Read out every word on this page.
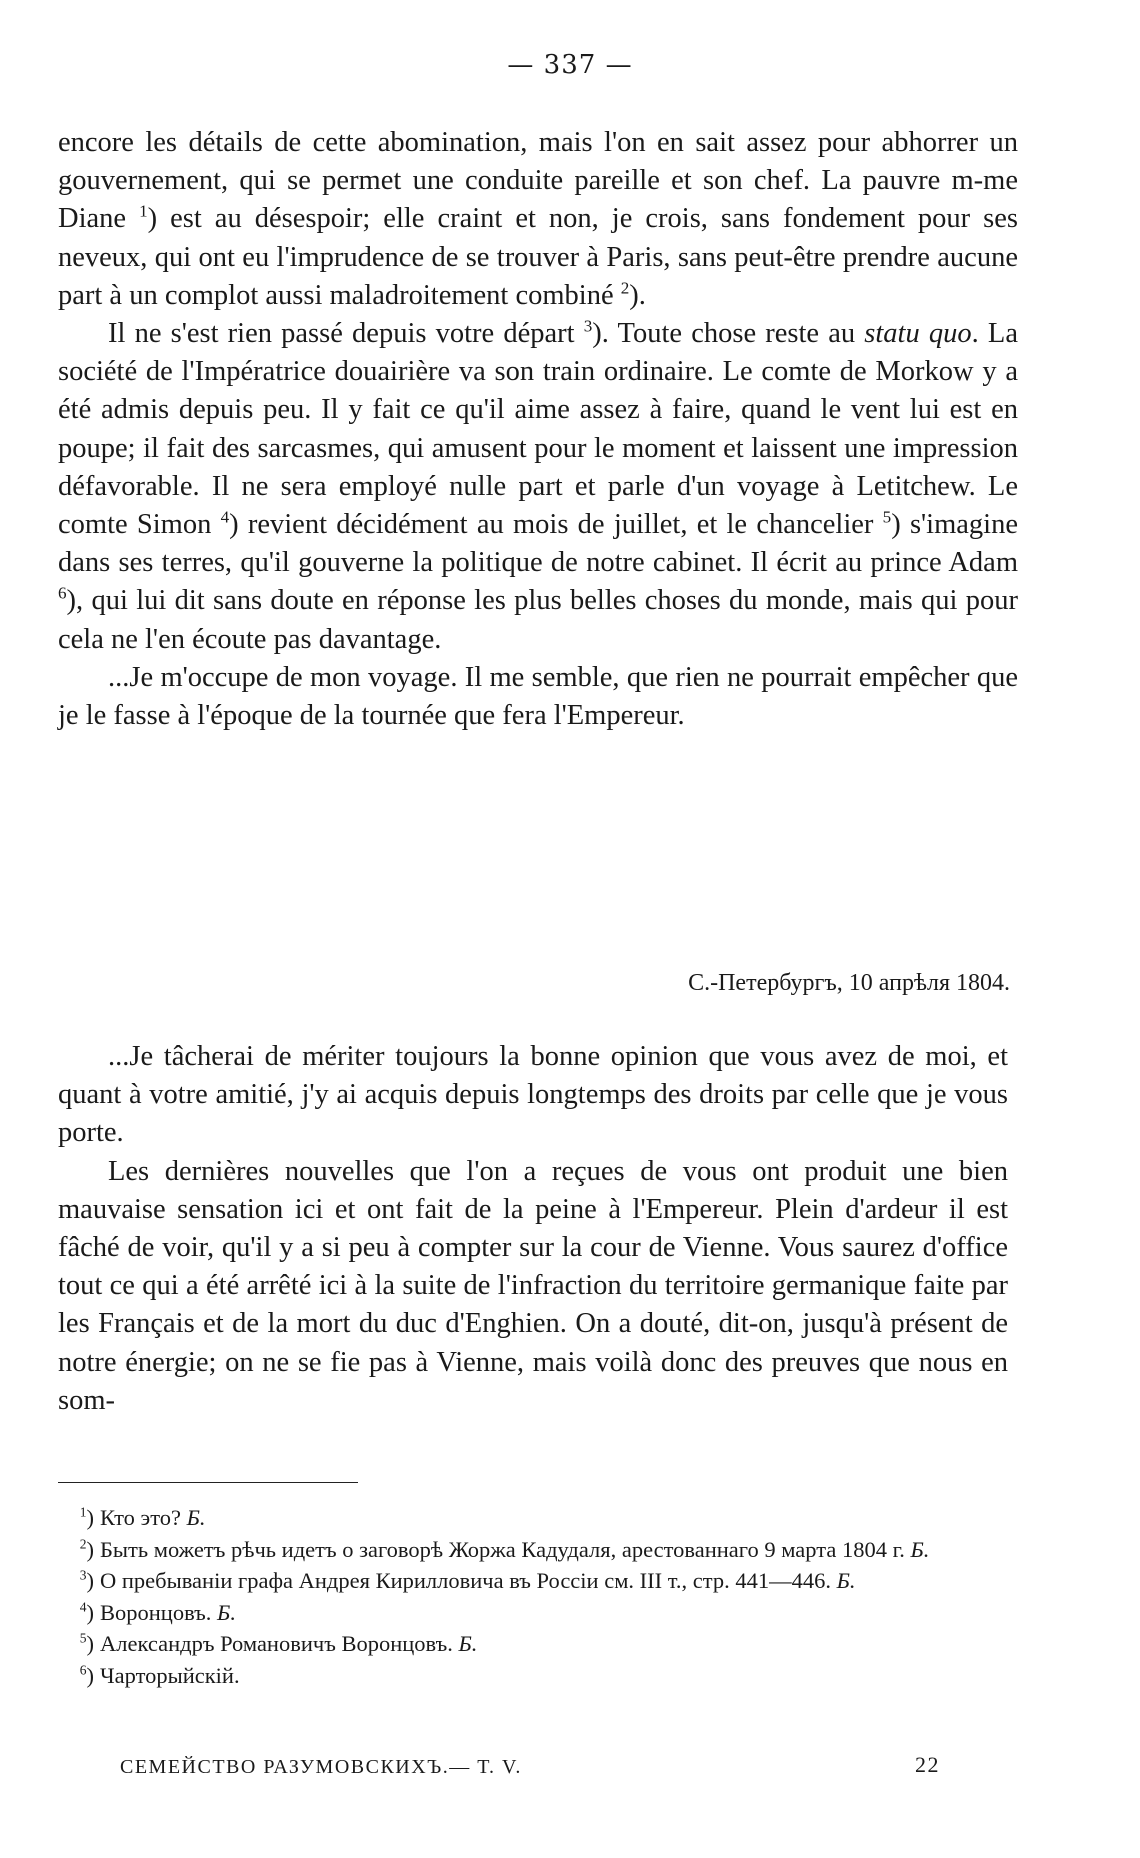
— 337 —

encore les détails de cette abomination, mais l'on en sait assez pour abhorrer un gouvernement, qui se permet une conduite pareille et son chef. La pauvre m-me Diane $^1$) est au désespoir; elle craint et non, je crois, sans fondement pour ses neveux, qui ont eu l'imprudence de se trouver à Paris, sans peut-être prendre aucune part à un complot aussi maladroitement combiné $^2$).

Il ne s'est rien passé depuis votre départ $^3$). Toute chose reste au statu quo. La société de l'Impératrice douairière va son train ordinaire. Le comte de Morkow y a été admis depuis peu. Il y fait ce qu'il aime assez à faire, quand le vent lui est en poupe; il fait des sarcasmes, qui amusent pour le moment et laissent une impression défavorable. Il ne sera employé nulle part et parle d'un voyage à Letitchew. Le comte Simon $^4$) revient décidément au mois de juillet, et le chancelier $^5$) s'imagine dans ses terres, qu'il gouverne la politique de notre cabinet. Il écrit au prince Adam $^6$), qui lui dit sans doute en réponse les plus belles choses du monde, mais qui pour cela ne l'en écoute pas davantage.

...Je m'occupe de mon voyage. Il me semble, que rien ne pourrait empêcher que je le fasse à l'époque de la tournée que fera l'Empereur.

С.-Петербургъ, 10 апрѣля 1804.

...Je tâcherai de mériter toujours la bonne opinion que vous avez de moi, et quant à votre amitié, j'y ai acquis depuis longtemps des droits par celle que je vous porte.

Les dernières nouvelles que l'on a reçues de vous ont produit une bien mauvaise sensation ici et ont fait de la peine à l'Empereur. Plein d'ardeur il est fâché de voir, qu'il y a si peu à compter sur la cour de Vienne. Vous saurez d'office tout ce qui a été arrêté ici à la suite de l'infraction du territoire germanique faite par les Français et de la mort du duc d'Enghien. On a douté, dit-on, jusqu'à présent de notre énergie; on ne se fie pas à Vienne, mais voilà donc des preuves que nous en som-

$^1$) Кто это? Б.

$^2$) Быть можетъ рѣчь идетъ о заговорѣ Жоржа Кадудаля, арестованнаго 9 марта 1804 г. Б.

$^3$) О пребываніи графа Андрея Кирилловича въ Россіи см. III т., стр. 441—446. Б.

$^4$) Воронцовъ. Б.

$^5$) Александръ Романовичъ Воронцовъ. Б.

$^6$) Чарторыйскій.

СЕМЕЙСТВО РАЗУМОВСКИХЪ.— Т. V.	22
